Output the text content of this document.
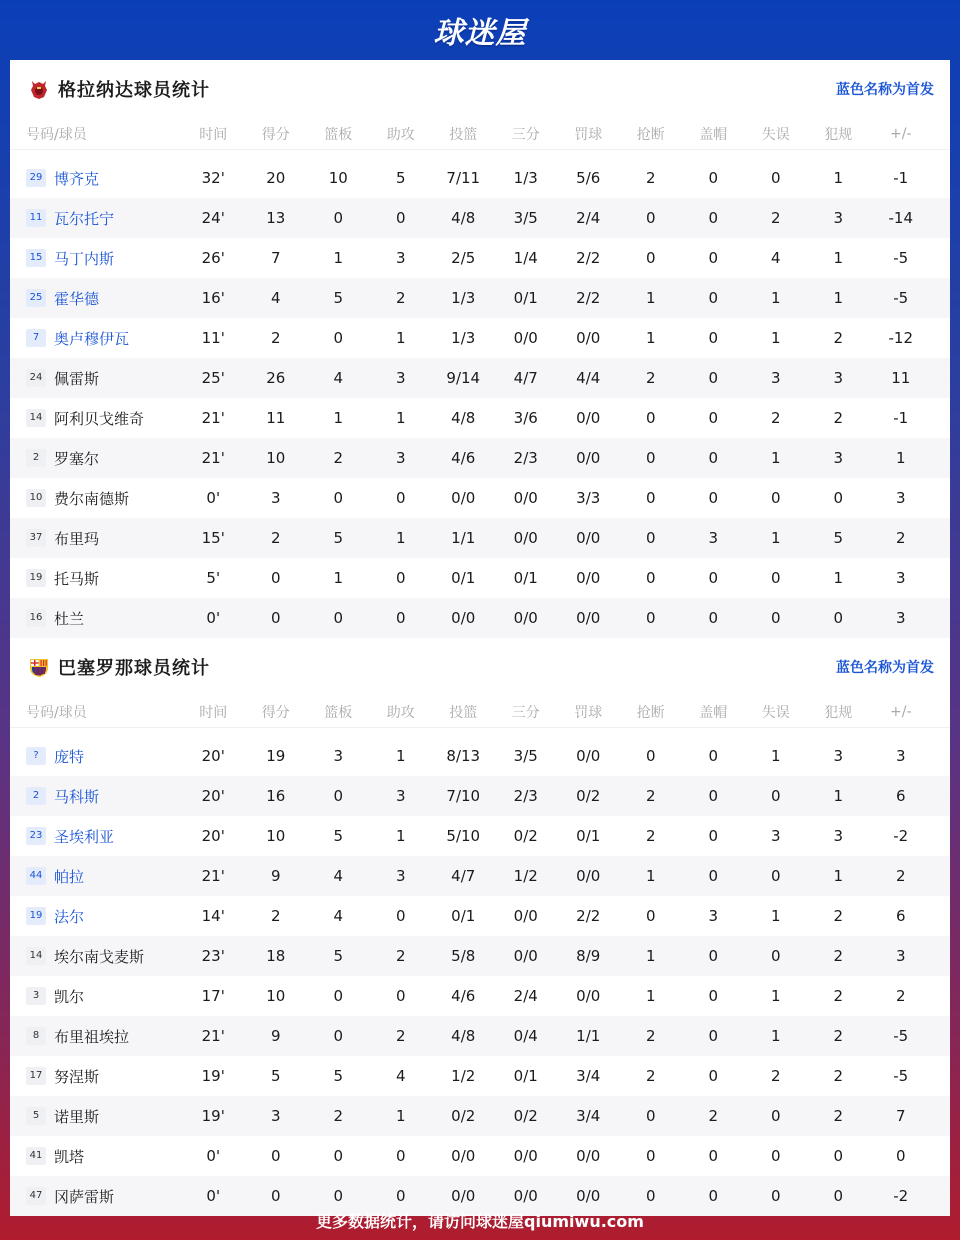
球迷屋
格拉纳达球员统计	蓝色名称为首发
号码/球员	时间	得分	篮板	助攻	投篮	三分	罚球	抢断	盖帽	失误	犯规	+/-
29 博齐克	32'	20	10	5	7/11	1/3	5/6	2	0	0	1	-1
11 瓦尔托宁	24'	13	0	0	4/8	3/5	2/4	0	0	2	3	-14
15 马丁内斯	26'	7	1	3	2/5	1/4	2/2	0	0	4	1	-5
25 霍华德	16'	4	5	2	1/3	0/1	2/2	1	0	1	1	-5
7 奥卢穆伊瓦	11'	2	0	1	1/3	0/0	0/0	1	0	1	2	-12
24 佩雷斯	25'	26	4	3	9/14	4/7	4/4	2	0	3	3	11
14 阿利贝戈维奇	21'	11	1	1	4/8	3/6	0/0	0	0	2	2	-1
2 罗塞尔	21'	10	2	3	4/6	2/3	0/0	0	0	1	3	1
10 费尔南德斯	0'	3	0	0	0/0	0/0	3/3	0	0	0	0	3
37 布里玛	15'	2	5	1	1/1	0/0	0/0	0	3	1	5	2
19 托马斯	5'	0	1	0	0/1	0/1	0/0	0	0	0	1	3
16 杜兰	0'	0	0	0	0/0	0/0	0/0	0	0	0	0	3
巴塞罗那球员统计	蓝色名称为首发
号码/球员	时间	得分	篮板	助攻	投篮	三分	罚球	抢断	盖帽	失误	犯规	+/-
?	庞特	20'	19	3	1	8/13	3/5	0/0	0	0	1	3	3
2 马科斯	20'	16	0	3	7/10	2/3	0/2	2	0	0	1	6
23 圣埃利亚	20'	10	5	1	5/10	0/2	0/1	2	0	3	3	-2
44 帕拉	21'	9	4	3	4/7	1/2	0/0	1	0	0	1	2
19 法尔	14'	2	4	0	0/1	0/0	2/2	0	3	1	2	6
14 埃尔南戈麦斯	23'	18	5	2	5/8	0/0	8/9	1	0	0	2	3
3 凯尔	17'	10	0	0	4/6	2/4	0/0	1	0	1	2	2
8 布里祖埃拉	21'	9	0	2	4/8	0/4	1/1	2	0	1	2	-5
17 努涅斯	19'	5	5	4	1/2	0/1	3/4	2	0	2	2	-5
5 诺里斯	19'	3	2	1	0/2	0/2	3/4	0	2	0	2	7
41 凯塔	0'	0	0	0	0/0	0/0	0/0	0	0	0	0	0
47 冈萨雷斯	0'	0	0	0	0/0	0/0	0/0	0	0	0	0	-2
更多数据统计，请访问球迷屋qiumiwu.com
